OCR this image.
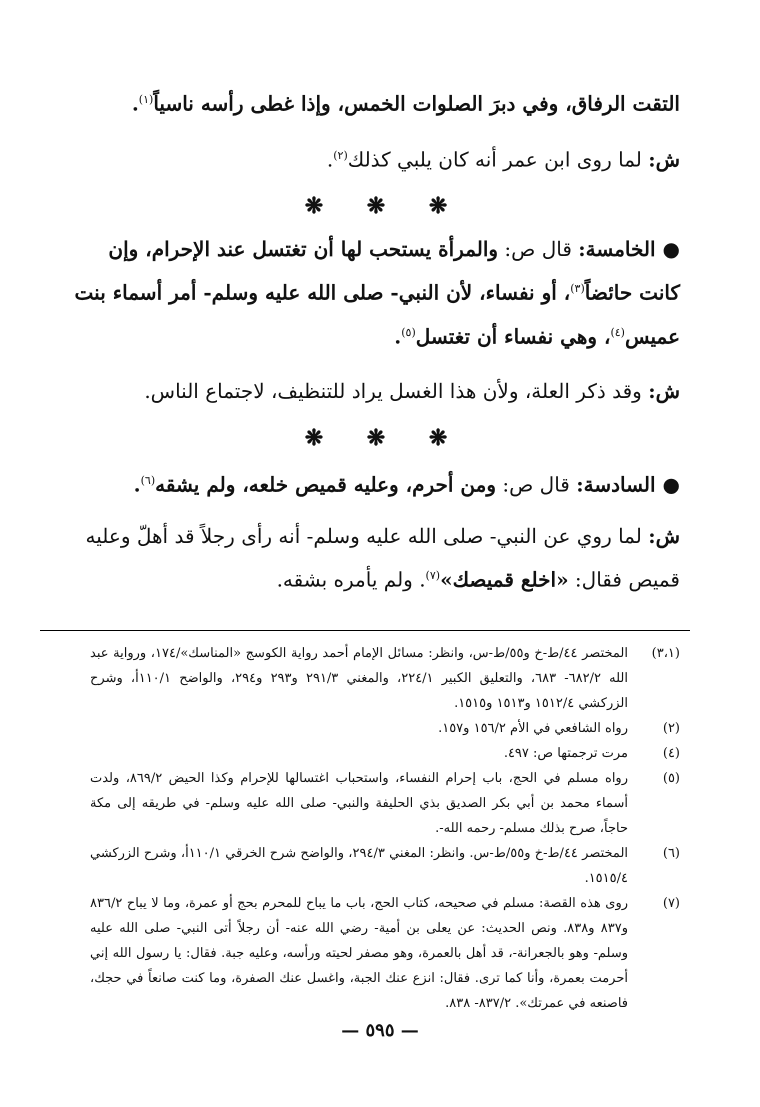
التقت الرفاق، وفي دبرَ الصلوات الخمس، وإذا غطى رأسه ناسياً$^{(١)}$.
ش: لما روى ابن عمر أنه كان يلبي كذلك$^{(٢)}$.
❋ ❋ ❋
● الخامسة: قال ص: والمرأة يستحب لها أن تغتسل عند الإحرام، وإن
كانت حائضاً$^{(٣)}$، أو نفساء، لأن النبي- صلى الله عليه وسلم- أمر أسماء بنت
عميس$^{(٤)}$، وهي نفساء أن تغتسل$^{(٥)}$.
ش: وقد ذكر العلة، ولأن هذا الغسل يراد للتنظيف، لاجتماع الناس.
❋ ❋ ❋
● السادسة: قال ص: ومن أحرم، وعليه قميص خلعه، ولم يشقه$^{(٦)}$.
ش: لما روي عن النبي- صلى الله عليه وسلم- أنه رأى رجلاً قد أهلّ وعليه
قميص فقال: «اخلع قميصك»$^{(٧)}$. ولم يأمره بشقه.
(٣،١)
المختصر ٤٤/ط-خ و٥٥/ط-س، وانظر: مسائل الإمام أحمد رواية الكوسج «المناسك»/١٧٤، ورواية عبد الله ٦٨٢/٢- ٦٨٣، والتعليق الكبير ٢٢٤/١، والمغني ٢٩١/٣ و٢٩٣ و٢٩٤، والواضح ١١٠/١أ، وشرح الزركشي ١٥١٢/٤ و١٥١٣ و١٥١٥.
(٢)
رواه الشافعي في الأم ١٥٦/٢ و١٥٧.
(٤)
مرت ترجمتها ص: ٤٩٧.
(٥)
رواه مسلم في الحج، باب إحرام النفساء، واستحباب اغتسالها للإحرام وكذا الحيض ٨٦٩/٢، ولدت أسماء محمد بن أبي بكر الصديق بذي الحليفة والنبي- صلى الله عليه وسلم- في طريقه إلى مكة حاجاً، صرح بذلك مسلم- رحمه الله-.
(٦)
المختصر ٤٤/ط-خ و٥٥/ط-س. وانظر: المغني ٢٩٤/٣، والواضح شرح الخرقي ١١٠/١أ، وشرح الزركشي ١٥١٥/٤.
(٧)
روى هذه القصة: مسلم في صحيحه، كتاب الحج، باب ما يباح للمحرم بحج أو عمرة، وما لا يباح ٨٣٦/٢ و٨٣٧ و٨٣٨. ونص الحديث: عن يعلى بن أمية- رضي الله عنه- أن رجلاً أتى النبي- صلى الله عليه وسلم- وهو بالجعرانة-، قد أهل بالعمرة، وهو مصفر لحيته ورأسه، وعليه جبة. فقال: يا رسول الله إني أحرمت بعمرة، وأنا كما ترى. فقال: انزع عنك الجبة، واغسل عنك الصفرة، وما كنت صانعاً في حجك، فاصنعه في عمرتك». ٨٣٧/٢- ٨٣٨.
— ٥٩٥ —
